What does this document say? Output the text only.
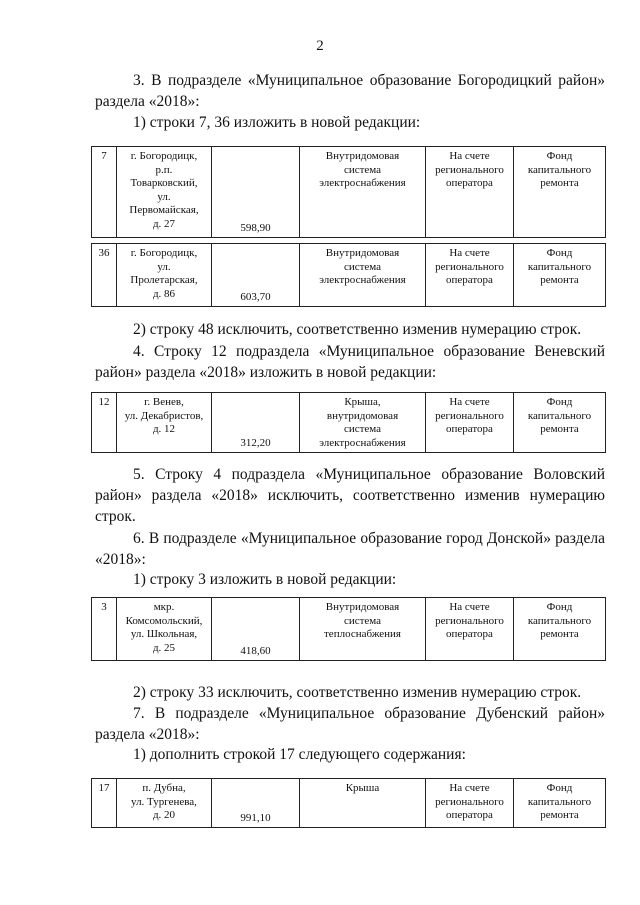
2
3. В подразделе «Муниципальное образование Богородицкий район» раздела «2018»:
1) строки 7, 36 изложить в новой редакции:
7	г. Богородицк,
р.п.
Товарковский,
ул.
Первомайская,
д. 27	598,90	Внутридомовая
система
электроснабжения	На счете
регионального
оператора	Фонд
капитального
ремонта
36	г. Богородицк,
ул.
Пролетарская,
д. 86	603,70	Внутридомовая
система
электроснабжения	На счете
регионального
оператора	Фонд
капитального
ремонта
2) строку 48 исключить, соответственно изменив нумерацию строк.
4. Строку 12 подраздела «Муниципальное образование Веневский район» раздела «2018» изложить в новой редакции:
12	г. Венев,
ул. Декабристов,
д. 12	312,20	Крыша,
внутридомовая
система
электроснабжения	На счете
регионального
оператора	Фонд
капитального
ремонта
5. Строку 4 подраздела «Муниципальное образование Воловский район» раздела «2018» исключить, соответственно изменив нумерацию строк.
6. В подразделе «Муниципальное образование город Донской» раздела «2018»:
1) строку 3 изложить в новой редакции:
3	мкр.
Комсомольский,
ул. Школьная,
д. 25	418,60	Внутридомовая
система
теплоснабжения	На счете
регионального
оператора	Фонд
капитального
ремонта
2) строку 33 исключить, соответственно изменив нумерацию строк.
7. В подразделе «Муниципальное образование Дубенский район» раздела «2018»:
1) дополнить строкой 17 следующего содержания:
17	п. Дубна,
ул. Тургенева,
д. 20	991,10	Крыша	На счете
регионального
оператора	Фонд
капитального
ремонта
